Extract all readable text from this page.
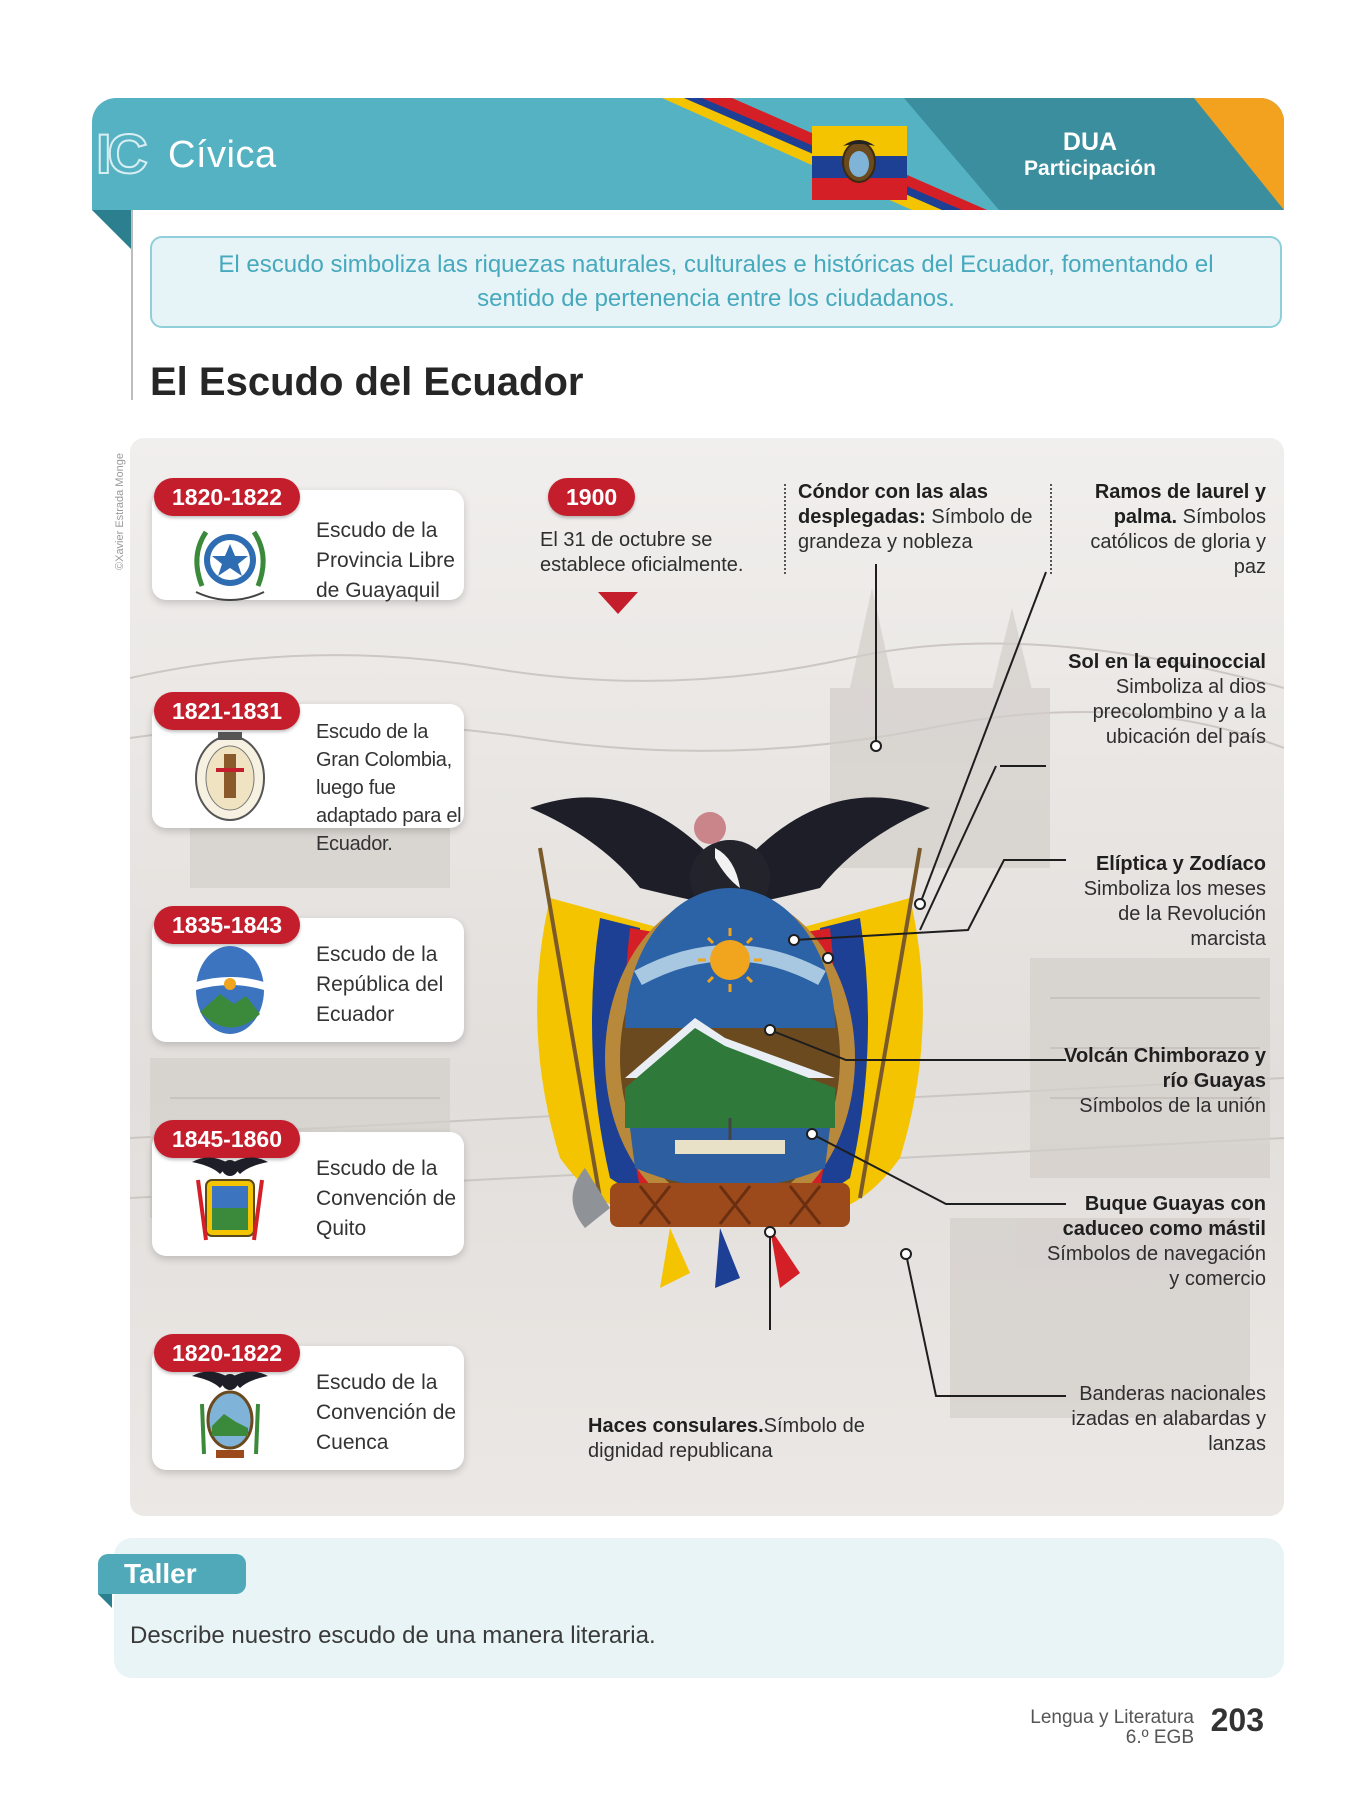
IC Cívica	DUA
Participación
El escudo simboliza las riquezas naturales, culturales e históricas del Ecuador, fomentando el sentido de pertenencia entre los ciudadanos.
El Escudo del Ecuador
©Xavier Estrada Monge	1820-1822
1821-1831
1835-1843
1845-1860
1820-1822
Escudo de la Provincia Libre de Guayaquil
Escudo de la Gran Colombia, luego fue adaptado para el Ecuador.
Escudo de la República del Ecuador
Escudo de la Convención de Quito
Escudo de la Convención de Cuenca
1900
El 31 de octubre se establece oficialmente.
Cóndor con las alas desplegadas: Símbolo de grandeza y nobleza
Ramos de laurel y palma. Símbolos católicos de gloria y paz
Sol en la equinoccial
Simboliza al dios precolombino y a la ubicación del país
Elíptica y Zodíaco
Simboliza los meses de la Revolución marcista
Volcán Chimborazo y río Guayas
Símbolos de la unión
Buque Guayas con caduceo como mástil
Símbolos de navegación y comercio
Banderas nacionales izadas en alabardas y lanzas
Haces consulares.Símbolo de dignidad republicana
Taller
Describe nuestro escudo de una manera literaria.
Lengua y Literatura
6.º EGB 203
